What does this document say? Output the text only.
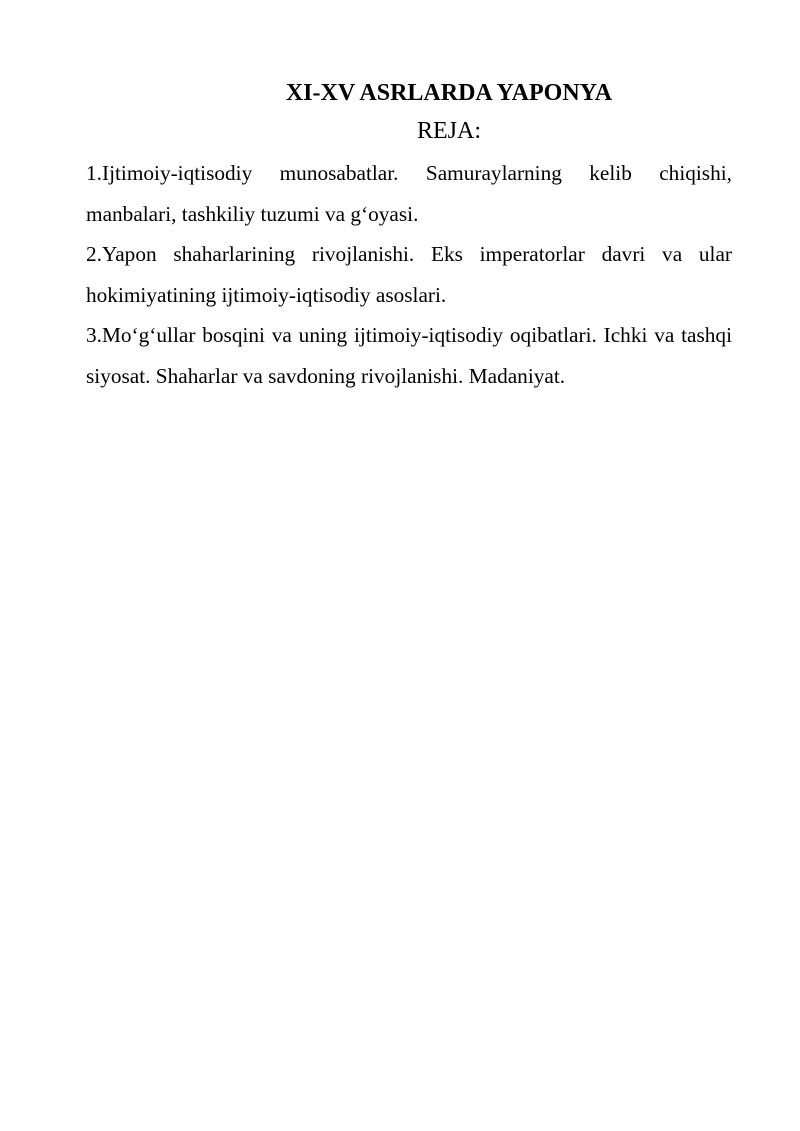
XI-XV ASRLARDA YAPONYA

REJA:

1.Ijtimoiy-iqtisodiy munosabatlar. Samuraylarning kelib chiqishi, manbalari, tashkiliy tuzumi va g‘oyasi.
2.Yapon shaharlarining rivojlanishi. Eks imperatorlar davri va ular hokimiyatining ijtimoiy-iqtisodiy asoslari.
3.Mo‘g‘ullar bosqini va uning ijtimoiy-iqtisodiy oqibatlari. Ichki va tashqi siyosat. Shaharlar va savdoning rivojlanishi. Madaniyat.
